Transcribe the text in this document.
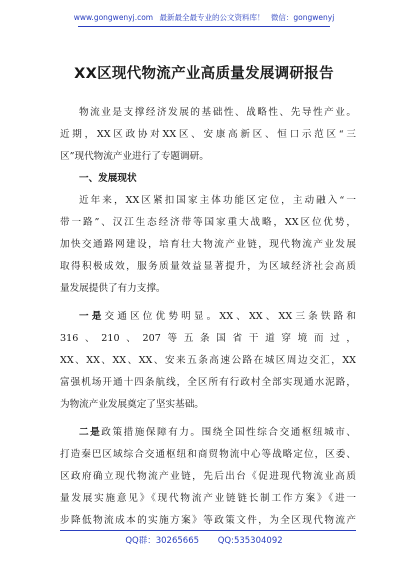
www.gongwenyj.com 最新最全最专业的公文资料库！ 微信：gongwenyj
XX区现代物流产业高质量发展调研报告
物流业是支撑经济发展的基础性、战略性、先导性产业。
近期，XX区政协对XX区、安康高新区、恒口示范区“三
区”现代物流产业进行了专题调研。
一、发展现状
近年来，XX区紧扣国家主体功能区定位，主动融入“一
带一路”、汉江生态经济带等国家重大战略，XX区位优势，
加快交通路网建设，培育壮大物流产业链，现代物流产业发展
取得积极成效，服务质量效益显著提升，为区域经济社会高质
量发展提供了有力支撑。
一是交通区位优势明显。XX、XX、XX三条铁路和
316、210、207等五条国省干道穿境而过，
XX、XX、XX、XX、安来五条高速公路在城区周边交汇，XX
富强机场开通十四条航线，全区所有行政村全部实现通水泥路，
为物流产业发展奠定了坚实基础。
二是政策措施保障有力。围绕全国性综合交通枢纽城市、
打造秦巴区域综合交通枢纽和商贸物流中心等战略定位，区委、
区政府确立现代物流产业链，先后出台《促进现代物流业高质
量发展实施意见》《现代物流产业链链长制工作方案》《进一
步降低物流成本的实施方案》等政策文件，为全区现代物流产
QQ群：30265665 QQ:535304092
